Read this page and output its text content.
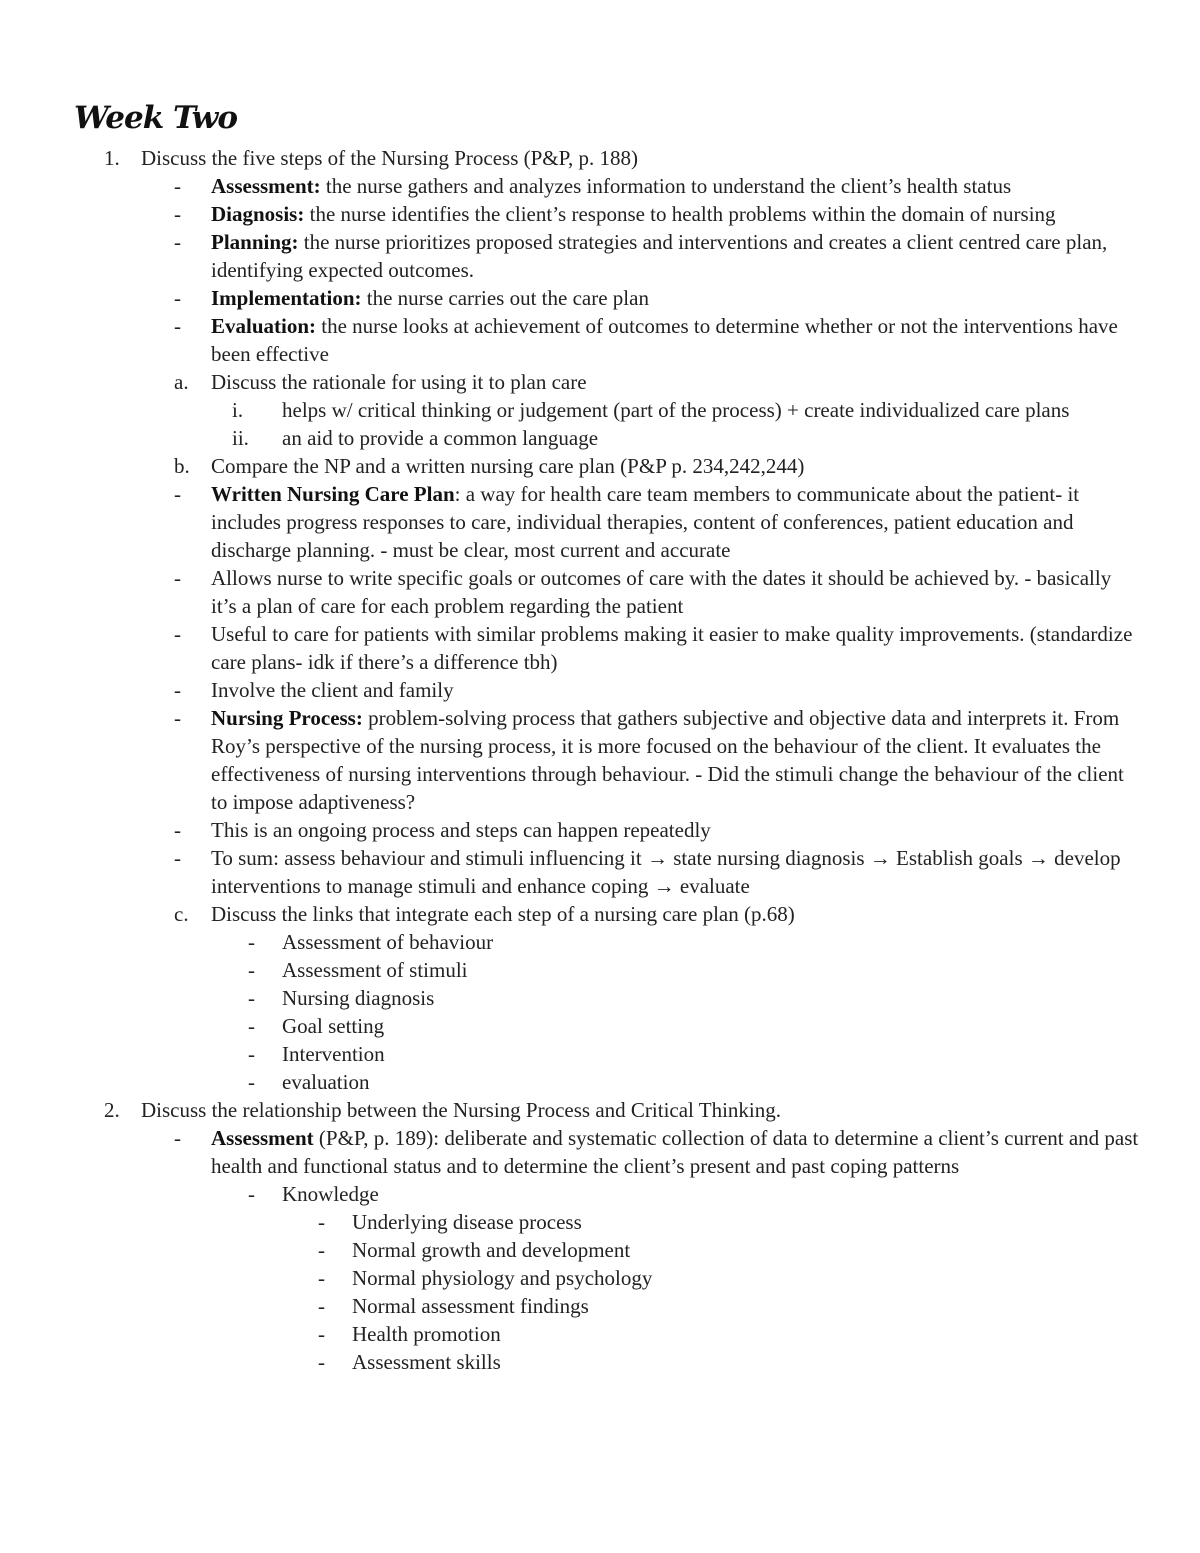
Week Two
1. Discuss the five steps of the Nursing Process (P&P, p. 188)
- Assessment: the nurse gathers and analyzes information to understand the client’s health status
- Diagnosis: the nurse identifies the client’s response to health problems within the domain of nursing
- Planning: the nurse prioritizes proposed strategies and interventions and creates a client centred care plan, identifying expected outcomes.
- Implementation: the nurse carries out the care plan
- Evaluation: the nurse looks at achievement of outcomes to determine whether or not the interventions have been effective
a. Discuss the rationale for using it to plan care
i. helps w/ critical thinking or judgement (part of the process) + create individualized care plans
ii. an aid to provide a common language
b. Compare the NP and a written nursing care plan (P&P p. 234,242,244)
- Written Nursing Care Plan: a way for health care team members to communicate about the patient- it includes progress responses to care, individual therapies, content of conferences, patient education and discharge planning. - must be clear, most current and accurate
- Allows nurse to write specific goals or outcomes of care with the dates it should be achieved by. - basically it’s a plan of care for each problem regarding the patient
- Useful to care for patients with similar problems making it easier to make quality improvements. (standardize care plans- idk if there’s a difference tbh)
- Involve the client and family
- Nursing Process: problem-solving process that gathers subjective and objective data and interprets it. From Roy’s perspective of the nursing process, it is more focused on the behaviour of the client. It evaluates the effectiveness of nursing interventions through behaviour. - Did the stimuli change the behaviour of the client to impose adaptiveness?
- This is an ongoing process and steps can happen repeatedly
- To sum: assess behaviour and stimuli influencing it → state nursing diagnosis → Establish goals → develop interventions to manage stimuli and enhance coping → evaluate
c. Discuss the links that integrate each step of a nursing care plan (p.68)
- Assessment of behaviour
- Assessment of stimuli
- Nursing diagnosis
- Goal setting
- Intervention
- evaluation
2. Discuss the relationship between the Nursing Process and Critical Thinking.
- Assessment (P&P, p. 189): deliberate and systematic collection of data to determine a client’s current and past health and functional status and to determine the client’s present and past coping patterns
- Knowledge
- Underlying disease process
- Normal growth and development
- Normal physiology and psychology
- Normal assessment findings
- Health promotion
- Assessment skills
